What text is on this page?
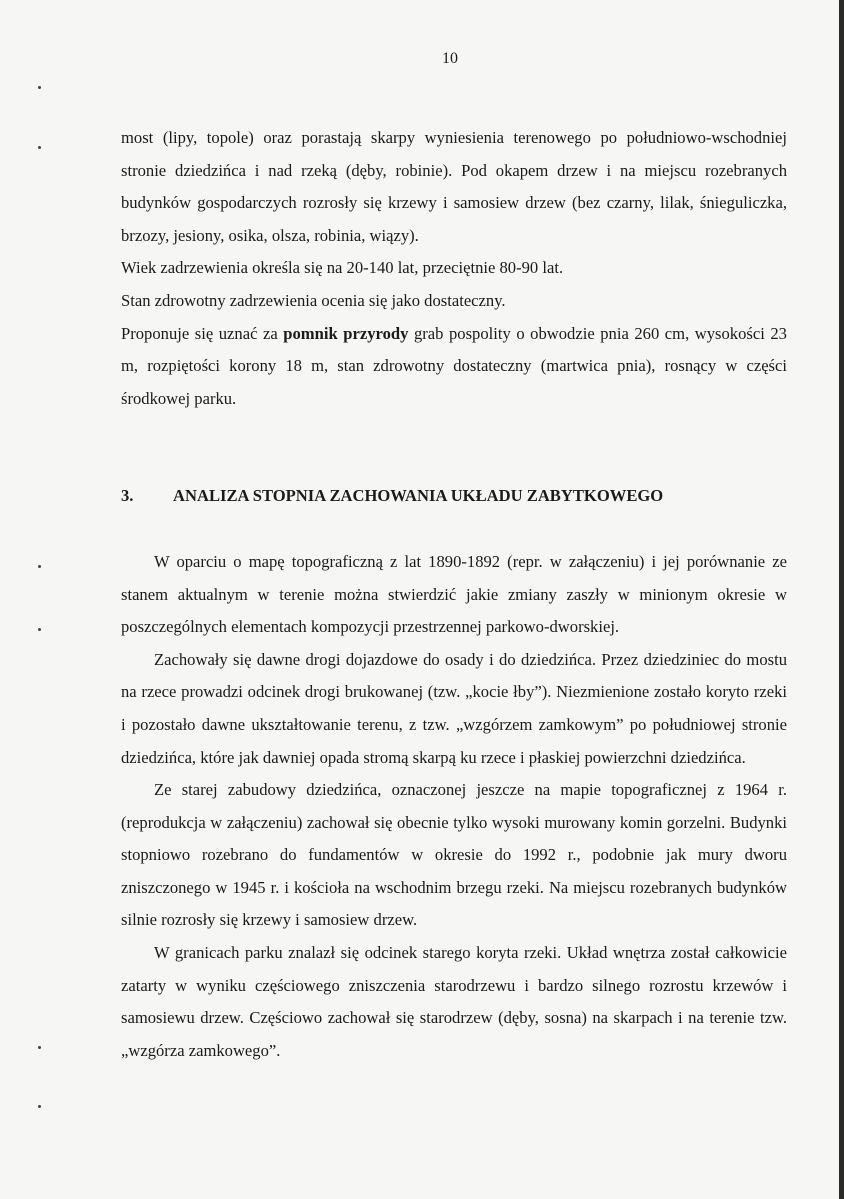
10

most (lipy, topole) oraz porastają skarpy wyniesienia terenowego po południowo-wschodniej stronie dziedzińca i nad rzeką (dęby, robinie). Pod okapem drzew i na miejscu rozebranych budynków gospodarczych rozrosły się krzewy i samosiew drzew (bez czarny, lilak, śnieguliczka, brzozy, jesiony, osika, olsza, robinia, wiązy).

Wiek zadrzewienia określa się na 20-140 lat, przeciętnie 80-90 lat.

Stan zdrowotny zadrzewienia ocenia się jako dostateczny.

Proponuje się uznać za pomnik przyrody grab pospolity o obwodzie pnia 260 cm, wysokości 23 m, rozpiętości korony 18 m, stan zdrowotny dostateczny (martwica pnia), rosnący w części środkowej parku.

3.	ANALIZA STOPNIA ZACHOWANIA UKŁADU ZABYTKOWEGO

W oparciu o mapę topograficzną z lat 1890-1892 (repr. w załączeniu) i jej porównanie ze stanem aktualnym w terenie można stwierdzić jakie zmiany zaszły w minionym okresie w poszczególnych elementach kompozycji przestrzennej parkowo-dworskiej.

Zachowały się dawne drogi dojazdowe do osady i do dziedzińca. Przez dziedziniec do mostu na rzece prowadzi odcinek drogi brukowanej (tzw. „kocie łby”). Niezmienione zostało koryto rzeki i pozostało dawne ukształtowanie terenu, z tzw. „wzgórzem zamkowym” po południowej stronie dziedzińca, które jak dawniej opada stromą skarpą ku rzece i płaskiej powierzchni dziedzińca.

Ze starej zabudowy dziedzińca, oznaczonej jeszcze na mapie topograficznej z 1964 r. (reprodukcja w załączeniu) zachował się obecnie tylko wysoki murowany komin gorzelni. Budynki stopniowo rozebrano do fundamentów w okresie do 1992 r., podobnie jak mury dworu zniszczonego w 1945 r. i kościoła na wschodnim brzegu rzeki. Na miejscu rozebranych budynków silnie rozrosły się krzewy i samosiew drzew.

W granicach parku znalazł się odcinek starego koryta rzeki. Układ wnętrza został całkowicie zatarty w wyniku częściowego zniszczenia starodrzewu i bardzo silnego rozrostu krzewów i samosiewu drzew. Częściowo zachował się starodrzew (dęby, sosna) na skarpach i na terenie tzw. „wzgórza zamkowego”.
